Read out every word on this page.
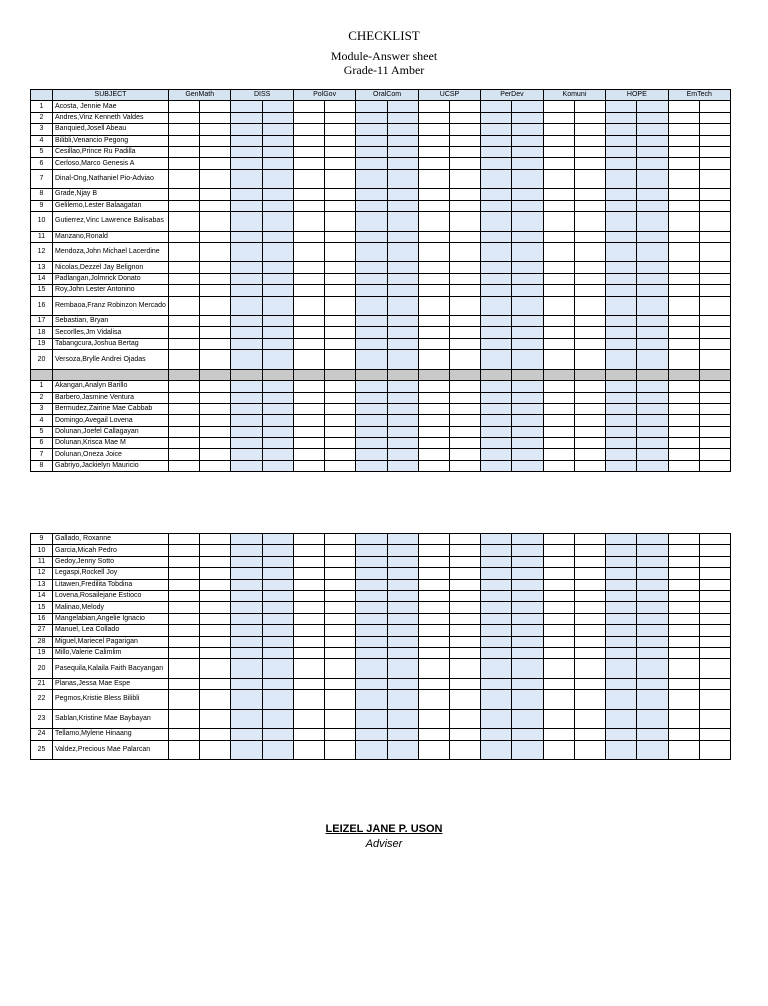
CHECKLIST
Module-Answer sheet
Grade-11 Amber
	SUBJECT	GenMath		DISS		PolGov		OralCom		UCSP		PerDev		Komuni		HOPE		EmTech	
1	Acosta, Jennie Mae																		
2	Andres,Vinz Kenneth Valdes																		
3	Banquied,Josell Abeau																		
4	Bilibli,Venancio Pegong																		
5	Cesillao,Prince Ru Padilla																		
6	Cerloso,Marco Genesis A																		
7	Dinal-Ong,Nathaniel Pio-Adviao																		
8	Grade,Njay B																		
9	Gelilemo,Lester Balaagatan																		
10	Gutierrez,Vinc Lawrence Balisabas																		
11	Manzano,Ronald																		
12	Mendoza,John Michael Lacerdine																		
13	Nicolas,Dezzel Jay Belignon																		
14	Padlangan,Jolmrick Donato																		
15	Roy,John Lester Antonino																		
16	Rembaoa,Franz Robinzon Mercado																		
17	Sebastian, Bryan																		
18	Secorlles,Jm Vidalisa																		
19	Tabangcura,Joshua Bertag																		
20	Versoza,Brylle Andrei Ojadas																		

1	Akangan,Analyn Barillo																		
2	Barbero,Jasmine Ventura																		
3	Bermudez,Zairine Mae Cabbab																		
4	Domingo,Avegail Lovena																		
5	Dolunan,Joefel Callagayan																		
6	Dolunan,Krisca Mae M																		
7	Dolunan,Oneza Joice																		
8	Gabriyo,Jackielyn Mauricio																		
9	Gallado, Roxanne																		
10	Garcia,Micah Pedro																		
11	Gedoy,Jenny Sotto																		
12	Legaspi,Rockell Joy																		
13	Litawen,Fredilita Tobdina																		
14	Lovena,Rosailejane Estioco																		
15	Malinao,Melody																		
16	Mangelabian,Angelie Ignacio																		
27	Manuel, Lea Collado																		
28	Miguel,Mariecel Pagarigan																		
19	Millo,Valerie Calimlim																		
20	Pasequila,Kalaila Faith Bacyangan																		
21	Planas,Jessa Mae Espe																		
22	Pegmos,Kristie Bless Bilibli																		
23	Sablan,Kristine Mae Baybayan																		
24	Tellamo,Mylene Hinaang																		
25	Valdez,Precious Mae Palarcan																		
LEIZEL JANE P. USON
Adviser
